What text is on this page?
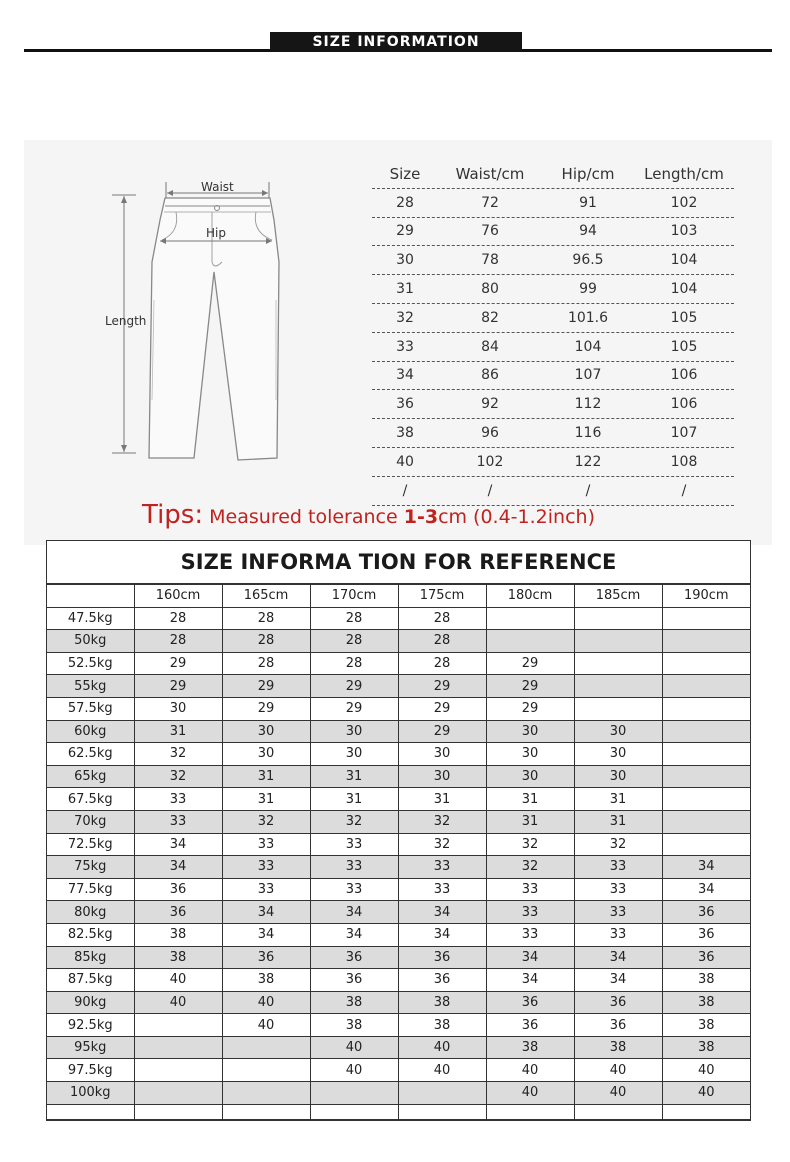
SIZE INFORMATION
Waist
Hip
Length
Size	Waist/cm	Hip/cm	Length/cm
28	72	91	102
29	76	94	103
30	78	96.5	104
31	80	99	104
32	82	101.6	105
33	84	104	105
34	86	107	106
36	92	112	106
38	96	116	107
40	102	122	108
/	/	/	/
Tips: Measured tolerance 1-3cm (0.4-1.2inch)
SIZE INFORMA TION FOR REFERENCE
	160cm	165cm	170cm	175cm	180cm	185cm	190cm
47.5kg	28	28	28	28			
50kg	28	28	28	28			
52.5kg	29	28	28	28	29		
55kg	29	29	29	29	29		
57.5kg	30	29	29	29	29		
60kg	31	30	30	29	30	30	
62.5kg	32	30	30	30	30	30	
65kg	32	31	31	30	30	30	
67.5kg	33	31	31	31	31	31	
70kg	33	32	32	32	31	31	
72.5kg	34	33	33	32	32	32	
75kg	34	33	33	33	32	33	34
77.5kg	36	33	33	33	33	33	34
80kg	36	34	34	34	33	33	36
82.5kg	38	34	34	34	33	33	36
85kg	38	36	36	36	34	34	36
87.5kg	40	38	36	36	34	34	38
90kg	40	40	38	38	36	36	38
92.5kg		40	38	38	36	36	38
95kg			40	40	38	38	38
97.5kg			40	40	40	40	40
100kg					40	40	40
